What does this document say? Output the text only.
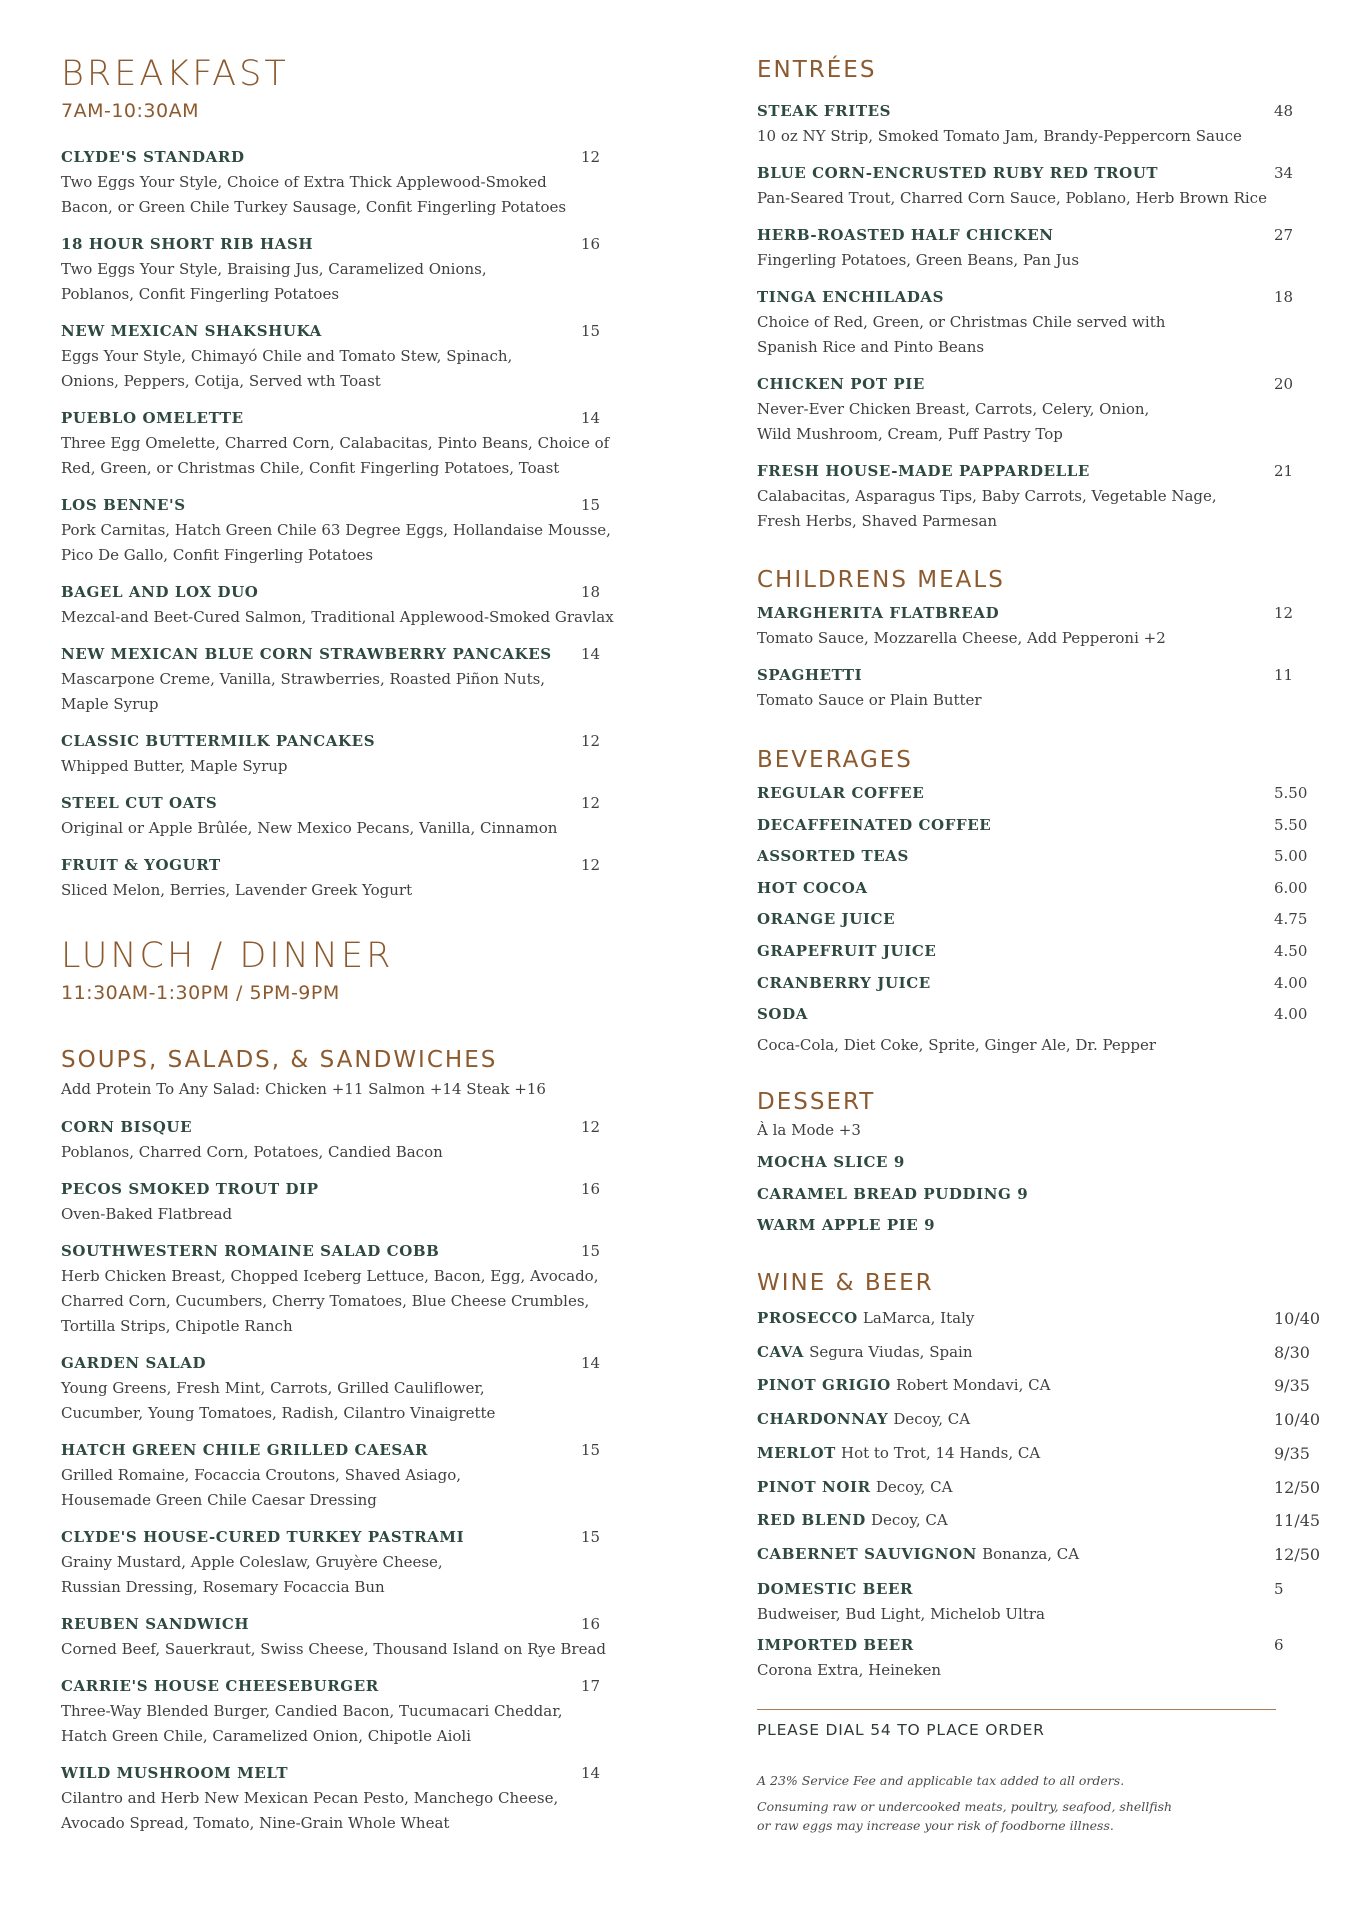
BREAKFAST
7AM-10:30AM
CLYDE'S STANDARD	12
Two Eggs Your Style, Choice of Extra Thick Applewood-Smoked
Bacon, or Green Chile Turkey Sausage, Confit Fingerling Potatoes
18 HOUR SHORT RIB HASH	16
Two Eggs Your Style, Braising Jus, Caramelized Onions,
Poblanos, Confit Fingerling Potatoes
NEW MEXICAN SHAKSHUKA	15
Eggs Your Style, Chimayó Chile and Tomato Stew, Spinach,
Onions, Peppers, Cotija, Served wth Toast
PUEBLO OMELETTE	14
Three Egg Omelette, Charred Corn, Calabacitas, Pinto Beans, Choice of
Red, Green, or Christmas Chile, Confit Fingerling Potatoes, Toast
LOS BENNE'S	15
Pork Carnitas, Hatch Green Chile 63 Degree Eggs, Hollandaise Mousse,
Pico De Gallo, Confit Fingerling Potatoes
BAGEL AND LOX DUO	18
Mezcal-and Beet-Cured Salmon, Traditional Applewood-Smoked Gravlax
NEW MEXICAN BLUE CORN STRAWBERRY PANCAKES	14
Mascarpone Creme, Vanilla, Strawberries, Roasted Piñon Nuts,
Maple Syrup
CLASSIC BUTTERMILK PANCAKES	12
Whipped Butter, Maple Syrup
STEEL CUT OATS	12
Original or Apple Brûlée, New Mexico Pecans, Vanilla, Cinnamon
FRUIT & YOGURT	12
Sliced Melon, Berries, Lavender Greek Yogurt
LUNCH / DINNER
11:30AM-1:30PM / 5PM-9PM
SOUPS, SALADS, & SANDWICHES
Add Protein To Any Salad: Chicken +11 Salmon +14 Steak +16
CORN BISQUE	12
Poblanos, Charred Corn, Potatoes, Candied Bacon
PECOS SMOKED TROUT DIP	16
Oven-Baked Flatbread
SOUTHWESTERN ROMAINE SALAD COBB	15
Herb Chicken Breast, Chopped Iceberg Lettuce, Bacon, Egg, Avocado,
Charred Corn, Cucumbers, Cherry Tomatoes, Blue Cheese Crumbles,
Tortilla Strips, Chipotle Ranch
GARDEN SALAD	14
Young Greens, Fresh Mint, Carrots, Grilled Cauliflower,
Cucumber, Young Tomatoes, Radish, Cilantro Vinaigrette
HATCH GREEN CHILE GRILLED CAESAR	15
Grilled Romaine, Focaccia Croutons, Shaved Asiago,
Housemade Green Chile Caesar Dressing
CLYDE'S HOUSE-CURED TURKEY PASTRAMI	15
Grainy Mustard, Apple Coleslaw, Gruyère Cheese,
Russian Dressing, Rosemary Focaccia Bun
REUBEN SANDWICH	16
Corned Beef, Sauerkraut, Swiss Cheese, Thousand Island on Rye Bread
CARRIE'S HOUSE CHEESEBURGER	17
Three-Way Blended Burger, Candied Bacon, Tucumacari Cheddar,
Hatch Green Chile, Caramelized Onion, Chipotle Aioli
WILD MUSHROOM MELT	14
Cilantro and Herb New Mexican Pecan Pesto, Manchego Cheese,
Avocado Spread, Tomato, Nine-Grain Whole Wheat
ENTRÉES
STEAK FRITES	48
10 oz NY Strip, Smoked Tomato Jam, Brandy-Peppercorn Sauce
BLUE CORN-ENCRUSTED RUBY RED TROUT	34
Pan-Seared Trout, Charred Corn Sauce, Poblano, Herb Brown Rice
HERB-ROASTED HALF CHICKEN	27
Fingerling Potatoes, Green Beans, Pan Jus
TINGA ENCHILADAS	18
Choice of Red, Green, or Christmas Chile served with
Spanish Rice and Pinto Beans
CHICKEN POT PIE	20
Never-Ever Chicken Breast, Carrots, Celery, Onion,
Wild Mushroom, Cream, Puff Pastry Top
FRESH HOUSE-MADE PAPPARDELLE	21
Calabacitas, Asparagus Tips, Baby Carrots, Vegetable Nage,
Fresh Herbs, Shaved Parmesan
CHILDRENS MEALS
MARGHERITA FLATBREAD	12
Tomato Sauce, Mozzarella Cheese, Add Pepperoni +2
SPAGHETTI	11
Tomato Sauce or Plain Butter
BEVERAGES
REGULAR COFFEE	5.50
DECAFFEINATED COFFEE	5.50
ASSORTED TEAS	5.00
HOT COCOA	6.00
ORANGE JUICE	4.75
GRAPEFRUIT JUICE	4.50
CRANBERRY JUICE	4.00
SODA	4.00
Coca-Cola, Diet Coke, Sprite, Ginger Ale, Dr. Pepper
DESSERT
À la Mode +3
MOCHA SLICE 9
CARAMEL BREAD PUDDING 9
WARM APPLE PIE 9
WINE & BEER
PROSECCO LaMarca, Italy	10/40
CAVA Segura Viudas, Spain	8/30
PINOT GRIGIO Robert Mondavi, CA	9/35
CHARDONNAY Decoy, CA	10/40
MERLOT Hot to Trot, 14 Hands, CA	9/35
PINOT NOIR Decoy, CA	12/50
RED BLEND Decoy, CA	11/45
CABERNET SAUVIGNON Bonanza, CA	12/50
DOMESTIC BEER	5
Budweiser, Bud Light, Michelob Ultra
IMPORTED BEER	6
Corona Extra, Heineken
PLEASE DIAL 54 TO PLACE ORDER
A 23% Service Fee and applicable tax added to all orders.
Consuming raw or undercooked meats, poultry, seafood, shellfish
or raw eggs may increase your risk of foodborne illness.
